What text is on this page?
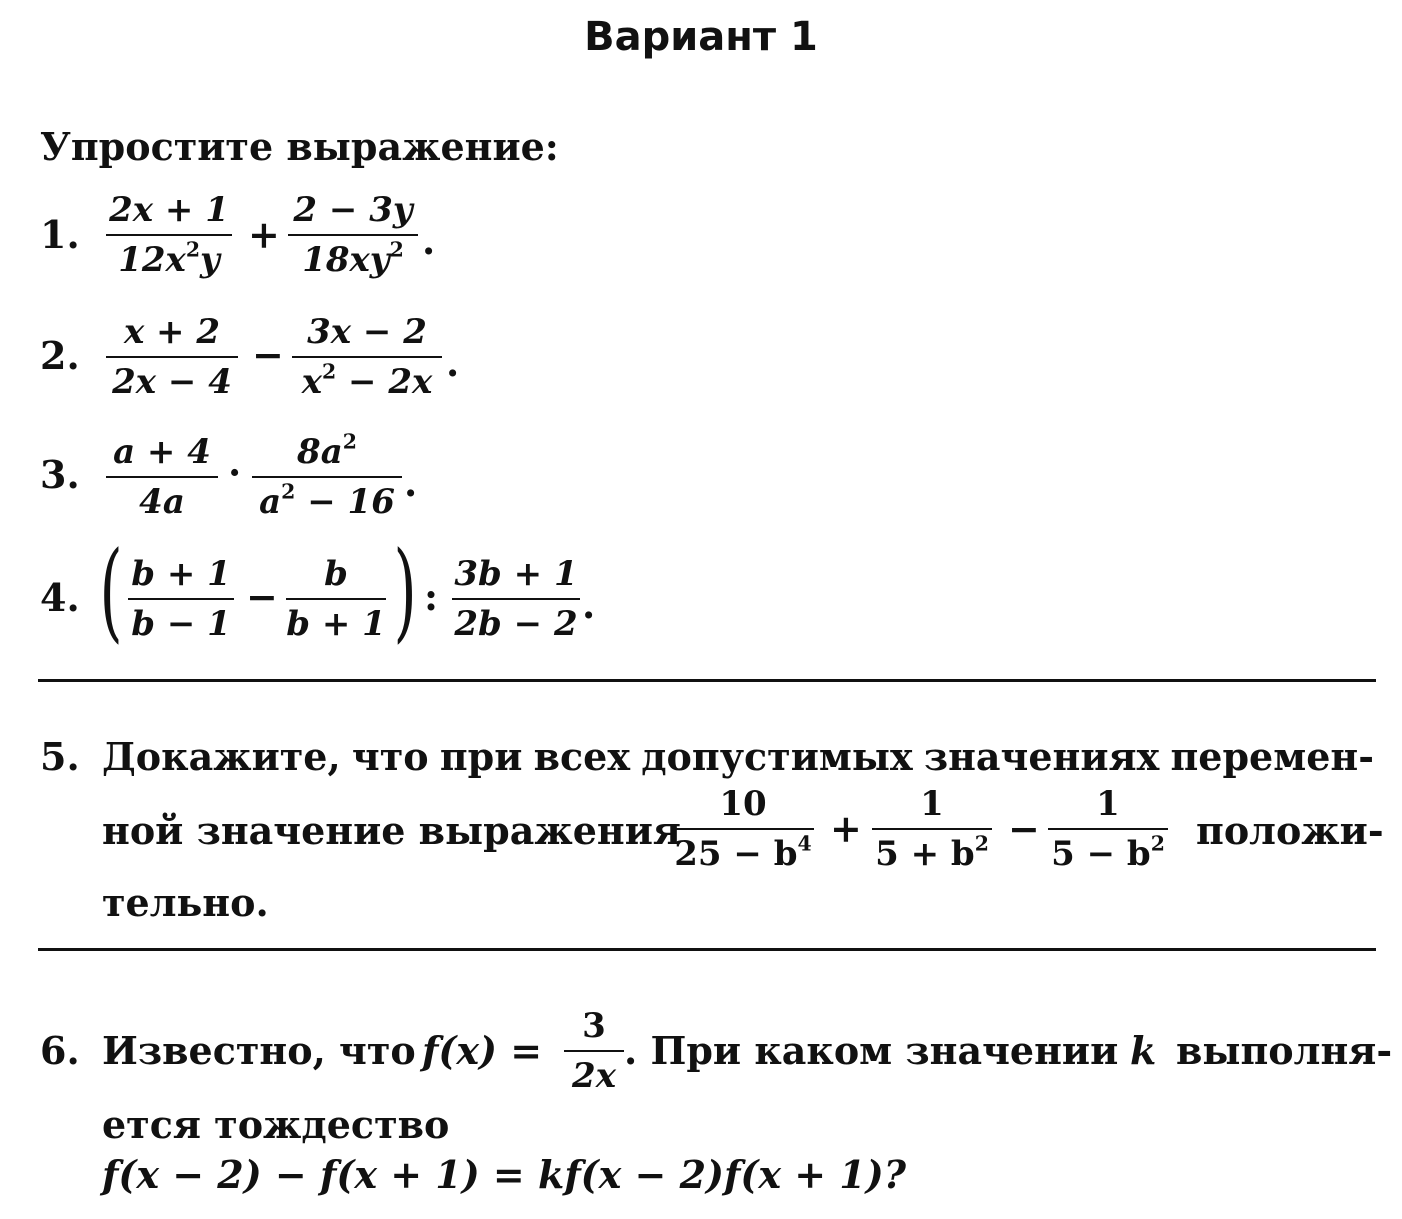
Вариант 1
Упростите выражение:
1. $\frac{2x + 1}{12x^2y} + \frac{2 - 3y}{18xy^2}$ .
2. $\frac{x + 2}{2x - 4} - \frac{3x - 2}{x^2 - 2x}$ .
3. $\frac{a + 4}{4a} \cdot \frac{8a^2}{a^2 - 16}$ .
4. ( $\frac{b + 1}{b - 1} - \frac{b}{b + 1}$ ) : $\frac{3b + 1}{2b - 2}$ .
5. Докажите, что при всех допустимых значениях перемен-
ной значение выражения
$\frac{10}{25 - b^4} + \frac{1}{5 + b^2} - \frac{1}{5 - b^2}$ положи-
тельно.
6. Известно, что $f(x) = \frac{3}{2x}$ . При каком значении k выполня-
ется тождество
f(x − 2) − f(x + 1) = kf(x − 2)f(x + 1)?
